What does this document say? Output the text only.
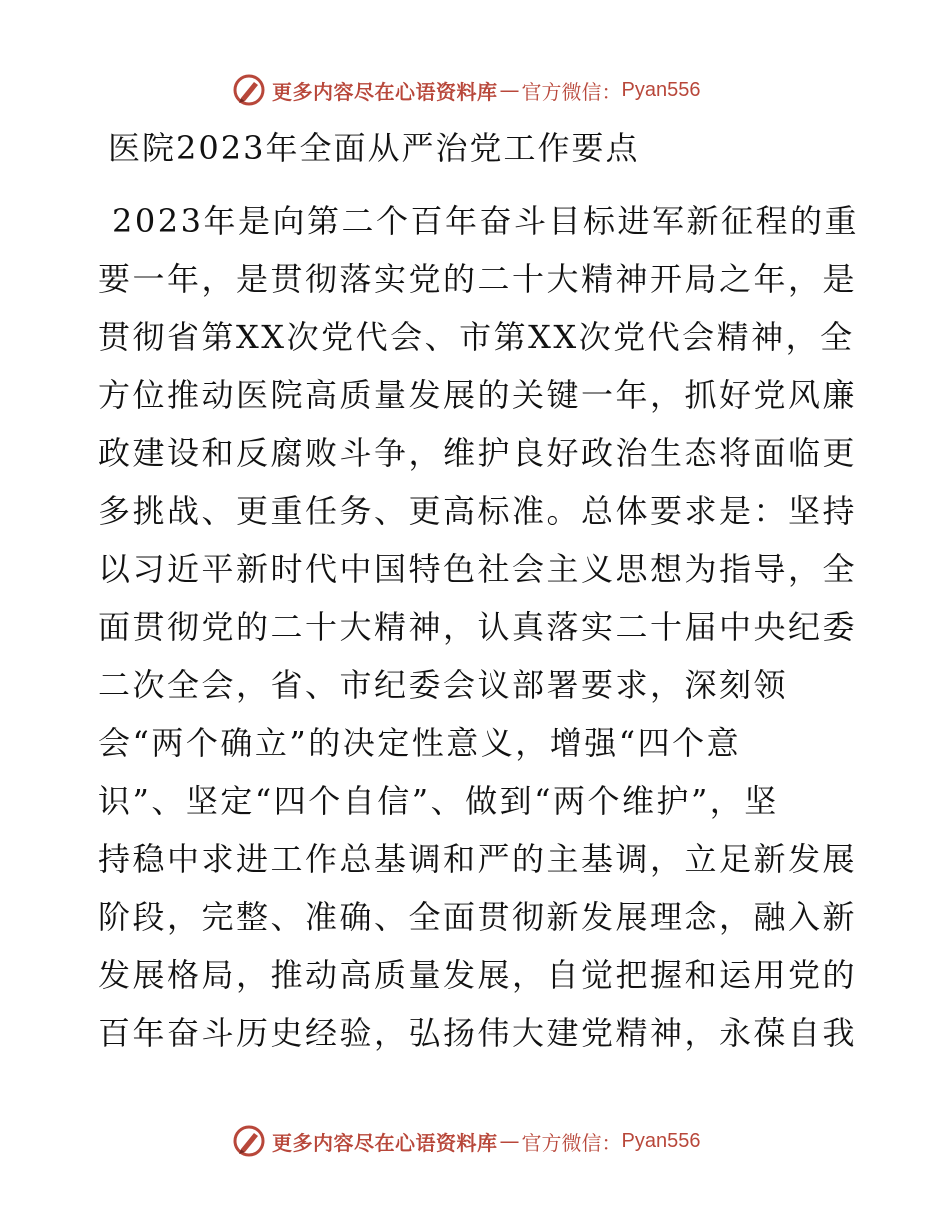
更多内容尽在心语资料库 — 官方微信： Pyan556
医院2023年全面从严治党工作要点
2023年是向第二个百年奋斗目标进军新征程的重
要一年，是贯彻落实党的二十大精神开局之年，是
贯彻省第XX次党代会、市第XX次党代会精神，全
方位推动医院高质量发展的关键一年，抓好党风廉
政建设和反腐败斗争，维护良好政治生态将面临更
多挑战、更重任务、更高标准。总体要求是：坚持
以习近平新时代中国特色社会主义思想为指导，全
面贯彻党的二十大精神，认真落实二十届中央纪委
二次全会，省、市纪委会议部署要求，深刻领
会“两个确立”的决定性意义，增强“四个意
识”、坚定“四个自信”、做到“两个维护”，坚
持稳中求进工作总基调和严的主基调，立足新发展
阶段，完整、准确、全面贯彻新发展理念，融入新
发展格局，推动高质量发展，自觉把握和运用党的
百年奋斗历史经验，弘扬伟大建党精神，永葆自我
更多内容尽在心语资料库 — 官方微信： Pyan556
